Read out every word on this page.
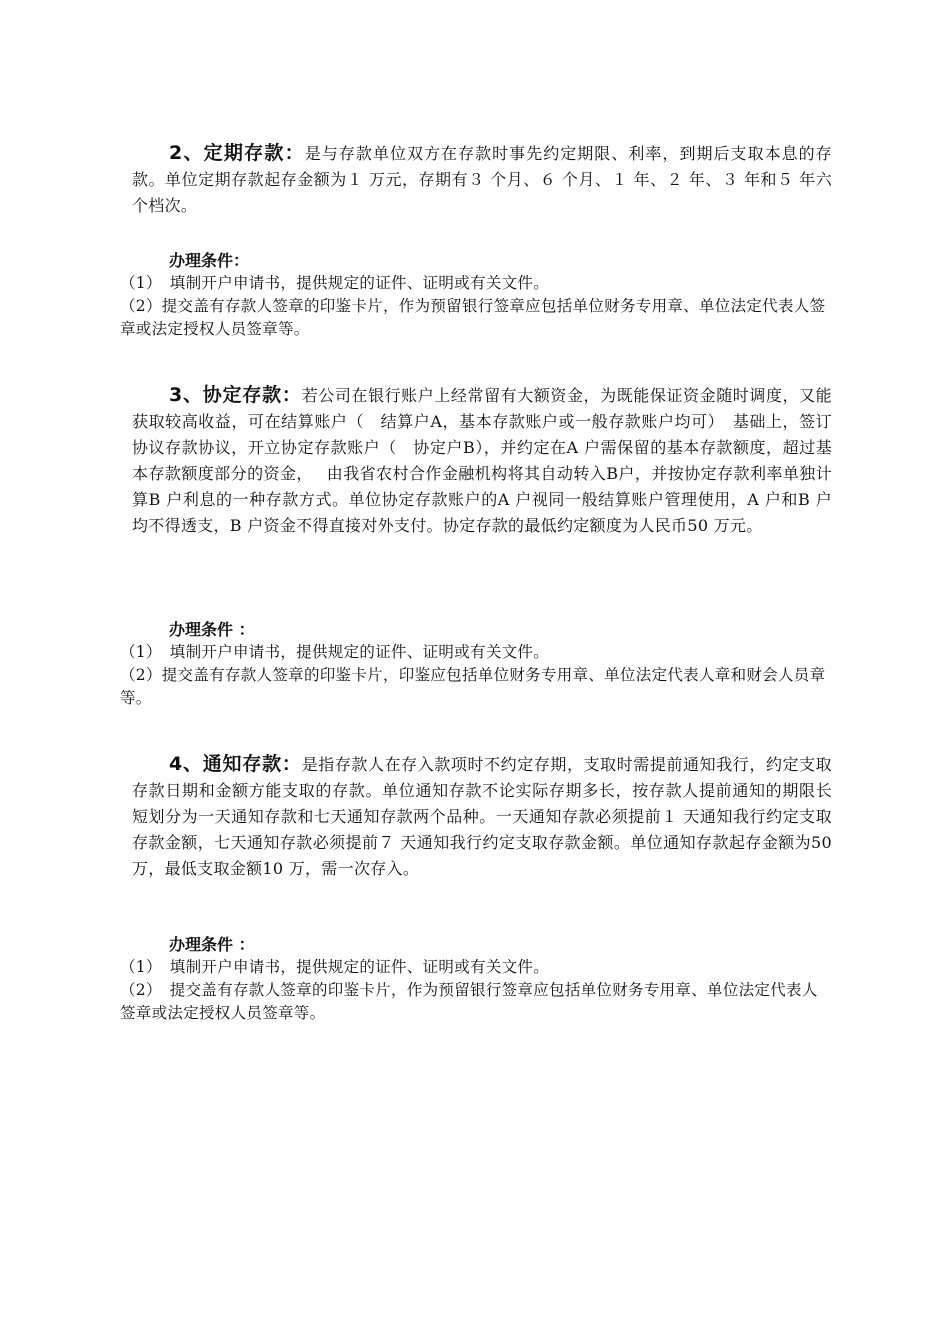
2、定期存款：是与存款单位双方在存款时事先约定期限、利率，到期后支取本息的存款。单位定期存款起存金额为１ 万元，存期有３ 个月、６ 个月、１ 年、２ 年、３ 年和５ 年六个档次。

办理条件：

（1）　填制开户申请书，提供规定的证件、证明或有关文件。

（2）提交盖有存款人签章的印鉴卡片，作为预留银行签章应包括单位财务专用章、单位法定代表人签章或法定授权人员签章等。

3、协定存款：若公司在银行账户上经常留有大额资金，为既能保证资金随时调度，又能获取较高收益，可在结算账户（　结算户A，基本存款账户或一般存款账户均可）　基础上，签订协议存款协议，开立协定存款账户（　协定户B），并约定在A 户需保留的基本存款额度，超过基本存款额度部分的资金，　 由我省农村合作金融机构将其自动转入B户，并按协定存款利率单独计算B 户利息的一种存款方式。单位协定存款账户的A 户视同一般结算账户管理使用，A 户和B 户均不得透支，B 户资金不得直接对外支付。协定存款的最低约定额度为人民币50 万元。

办理条件 ：

（1）　填制开户申请书，提供规定的证件、证明或有关文件。

（2）提交盖有存款人签章的印鉴卡片，印鉴应包括单位财务专用章、单位法定代表人章和财会人员章等。

4、通知存款：是指存款人在存入款项时不约定存期，支取时需提前通知我行，约定支取存款日期和金额方能支取的存款。单位通知存款不论实际存期多长，按存款人提前通知的期限长短划分为一天通知存款和七天通知存款两个品种。一天通知存款必须提前１ 天通知我行约定支取存款金额，七天通知存款必须提前７ 天通知我行约定支取存款金额。单位通知存款起存金额为50 万，最低支取金额10 万，需一次存入。

办理条件 ：

（1）　填制开户申请书，提供规定的证件、证明或有关文件。

（2）　提交盖有存款人签章的印鉴卡片，作为预留银行签章应包括单位财务专用章、单位法定代表人签章或法定授权人员签章等。
